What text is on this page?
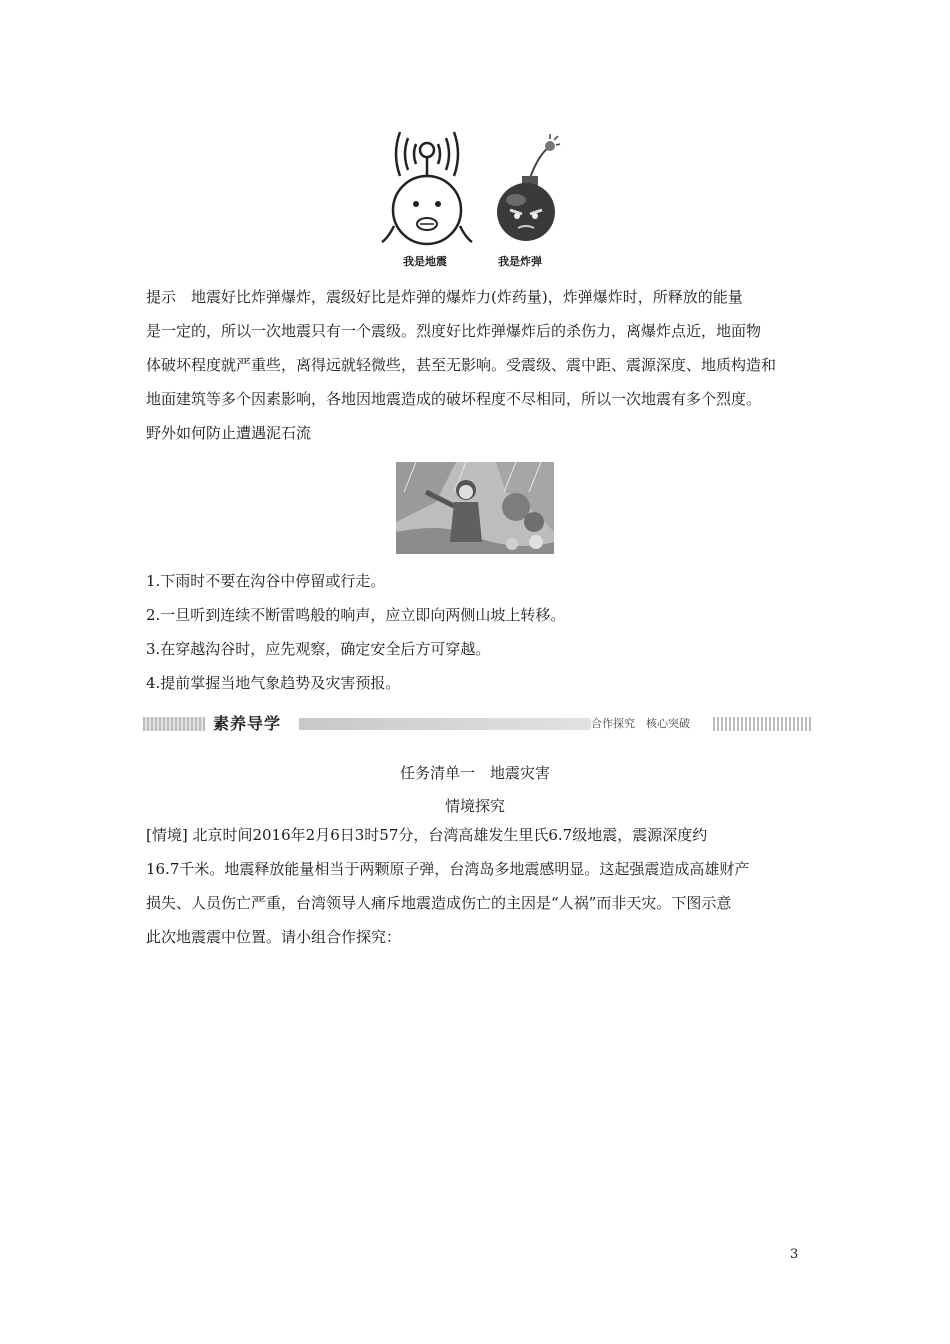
我是地震	我是炸弹
提示　地震好比炸弹爆炸，震级好比是炸弹的爆炸力(炸药量)，炸弹爆炸时，所释放的能量
是一定的，所以一次地震只有一个震级。烈度好比炸弹爆炸后的杀伤力，离爆炸点近，地面物
体破坏程度就严重些，离得远就轻微些，甚至无影响。受震级、震中距、震源深度、地质构造和
地面建筑等多个因素影响，各地因地震造成的破坏程度不尽相同，所以一次地震有多个烈度。
野外如何防止遭遇泥石流
1.下雨时不要在沟谷中停留或行走。
2.一旦听到连续不断雷鸣般的响声，应立即向两侧山坡上转移。
3.在穿越沟谷时，应先观察，确定安全后方可穿越。
4.提前掌握当地气象趋势及灾害预报。
素养导学	合作探究　核心突破
任务清单一　地震灾害
情境探究
[情境] 北京时间2016年2月6日3时57分，台湾高雄发生里氏6.7级地震，震源深度约
16.7千米。地震释放能量相当于两颗原子弹，台湾岛多地震感明显。这起强震造成高雄财产
损失、人员伤亡严重，台湾领导人痛斥地震造成伤亡的主因是“人祸”而非天灾。下图示意
此次地震震中位置。请小组合作探究：
3
